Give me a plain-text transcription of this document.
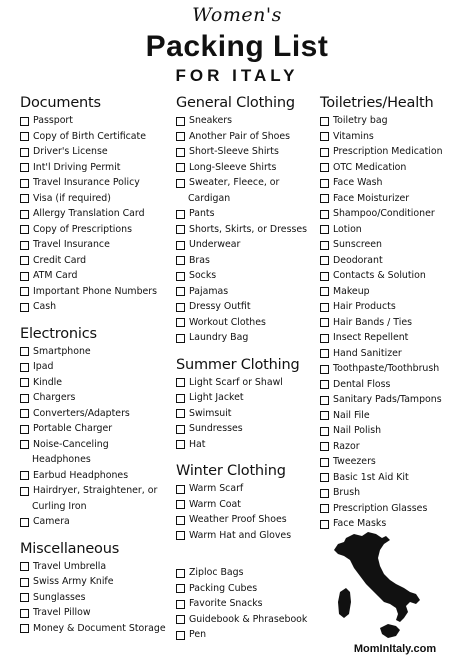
Women's
Packing List
FOR ITALY
Documents
Passport
Copy of Birth Certificate
Driver's License
Int'l Driving Permit
Travel Insurance Policy
Visa (if required)
Allergy Translation Card
Copy of Prescriptions
Travel Insurance
Credit Card
ATM Card
Important Phone Numbers
Cash
Electronics
Smartphone
Ipad
Kindle
Chargers
Converters/Adapters
Portable Charger
Noise-Canceling
Headphones
Earbud Headphones
Hairdryer, Straightener, or
Curling Iron
Camera
Miscellaneous
Travel Umbrella
Swiss Army Knife
Sunglasses
Travel Pillow
Money & Document Storage
General Clothing
Sneakers
Another Pair of Shoes
Short-Sleeve Shirts
Long-Sleeve Shirts
Sweater, Fleece, or
Cardigan
Pants
Shorts, Skirts, or Dresses
Underwear
Bras
Socks
Pajamas
Dressy Outfit
Workout Clothes
Laundry Bag
Summer Clothing
Light Scarf or Shawl
Light Jacket
Swimsuit
Sundresses
Hat
Winter Clothing
Warm Scarf
Warm Coat
Weather Proof Shoes
Warm Hat and Gloves
Ziploc Bags
Packing Cubes
Favorite Snacks
Guidebook & Phrasebook
Pen
Toiletries/Health
Toiletry bag
Vitamins
Prescription Medication
OTC Medication
Face Wash
Face Moisturizer
Shampoo/Conditioner
Lotion
Sunscreen
Deodorant
Contacts & Solution
Makeup
Hair Products
Hair Bands / Ties
Insect Repellent
Hand Sanitizer
Toothpaste/Toothbrush
Dental Floss
Sanitary Pads/Tampons
Nail File
Nail Polish
Razor
Tweezers
Basic 1st Aid Kit
Brush
Prescription Glasses
Face Masks
MomInItaly.com
